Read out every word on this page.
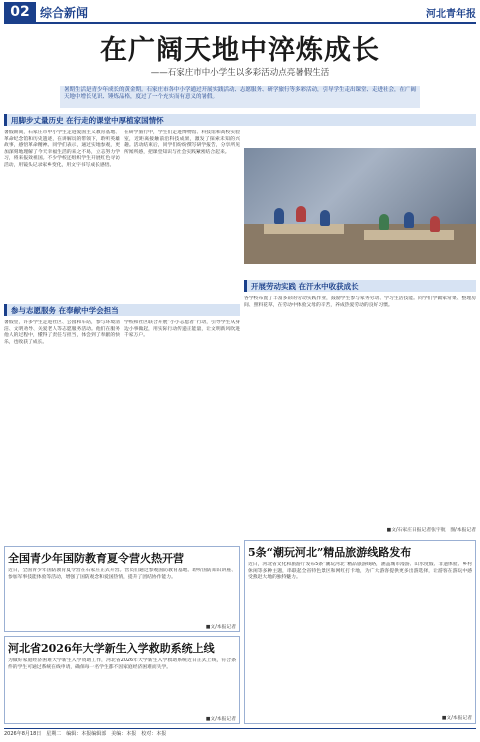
02 综合新闻	河北青年报
在广阔天地中淬炼成长
——石家庄市中小学生以多彩活动点亮暑假生活
暑期生活是青少年成长的黄金期。石家庄市各中小学通过开展实践活动、志愿服务、研学旅行等多彩活动，引导学生走出课堂、走进社会，在广阔天地中增长见识、锤炼品格，度过了一个充实而有意义的暑假。
用脚步丈量历史 在行走的课堂中厚植家国情怀
暑假期间，石家庄市中小学生走进爱国主义教育基地、革命纪念馆和历史遗迹，在讲解员的带领下，聆听英雄故事，感悟革命精神。同学们表示，通过实地参观，更加深刻地理解了今天幸福生活的来之不易，立志努力学习，将来报效祖国。不少学校还组织学生开展红色寻访活动，用镜头记录家乡变化，用文字书写成长感悟。
在研学旅行中，学生们走进博物馆、科技馆和高校实验室，近距离接触前沿科技成果，激发了探索未知的兴趣。活动结束后，同学们纷纷撰写研学报告，分享所见所闻所感，把课堂知识与社会实践紧密结合起来。
参与志愿服务 在奉献中学会担当
暑假里，许多学生走进社区、公园和车站，参与环境清洁、文明劝导、关爱老人等志愿服务活动。他们在服务他人的过程中，懂得了责任与担当，体会到了奉献的快乐，也收获了成长。
学校和社区联合开展“小小志愿者”行动，引导学生从身边小事做起，用实际行动传递正能量，让文明新风吹进千家万户。
开展劳动实践 在汗水中收获成长
各学校布置了丰富多彩的劳动实践作业，鼓励学生参与家务劳动、学习生活技能。同学们学做家常菜、整理房间、照料花草，在劳动中体验父母的辛苦，养成热爱劳动的良好习惯。
■文/石家庄日报记者张宇航　图/本报记者
全国青少年国防教育夏令营火热开营
近日，全国青少年国防教育夏令营在石家庄正式开营。营员们通过参观国防教育基地、聆听国防知识讲座、参加军事技能体验等活动，增强了国防观念和爱国热情，提升了团结协作能力。
■文/本报记者
河北省2026年大学新生入学救助系统上线
为做好家庭经济困难大学新生入学资助工作，河北省2026年大学新生入学救助系统近日正式上线，符合条件的学生可通过系统在线申请，确保每一名学生都不因家庭经济困难而失学。
■文/本报记者
5条“潮玩河北”精品旅游线路发布
近日，河北省文化和旅游厅发布5条“潮玩河北”精品旅游线路，涵盖城市漫游、山水度假、非遗体验、乡村休闲等多种主题，串联起全省特色景区和网红打卡地，为广大游客提供更多出游选择，让游客在游玩中感受燕赵大地的独特魅力。
■文/本报记者
2026年8月18日　星期二　编辑：本报编辑部　美编：本报　校对：本报
